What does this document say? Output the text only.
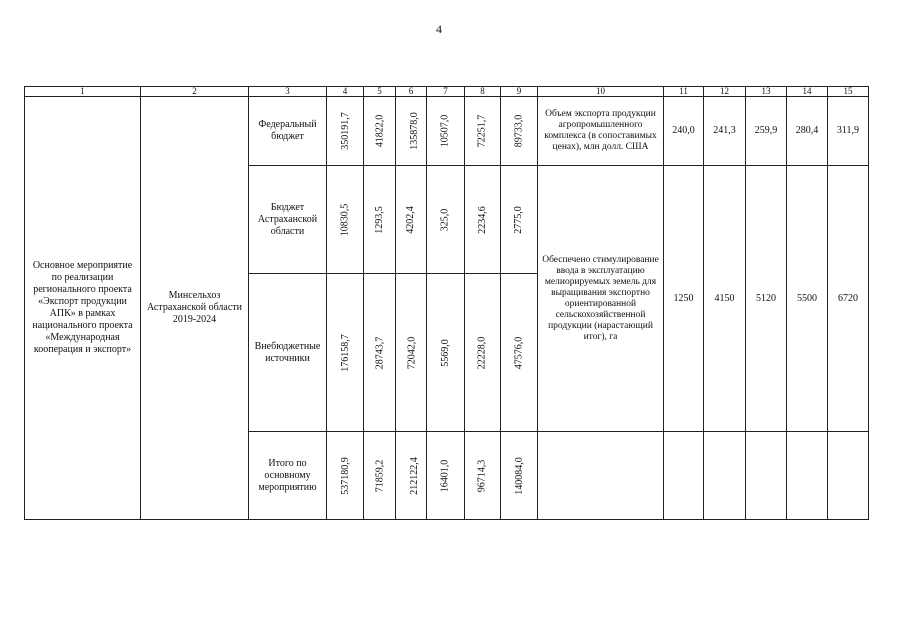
4
1	2	3	4	5	6	7	8	9	10	11	12	13	14	15

Основное мероприятие по реализации регионального проекта «Экспорт продукции АПК» в рамках национального проекта «Международная кооперация и экспорт»	Минсельхоз Астраханской области 2019-2024	Федеральный бюджет	350191,7	41822,0	135878,0	10507,0	72251,7	89733,0	Объем экспорта продукции агропромышленного комплекса (в сопоставимых ценах), млн долл. США	240,0	241,3	259,9	280,4	311,9

		Бюджет Астраханской области	10830,5	1293,5	4202,4	325,0	2234,6	2775,0	Обеспечено стимулирование ввода в эксплуатацию мелиорируемых земель для выращивания экспортно ориентированной сельскохозяйственной продукции (нарастающий итог), га	1250	4150	5120	5500	6720

		Внебюджетные источники	176158,7	28743,7	72042,0	5569,0	22228,0	47576,0						

		Итого по основному мероприятию	537180,9	71859,2	212122,4	16401,0	96714,3	140084,0						
